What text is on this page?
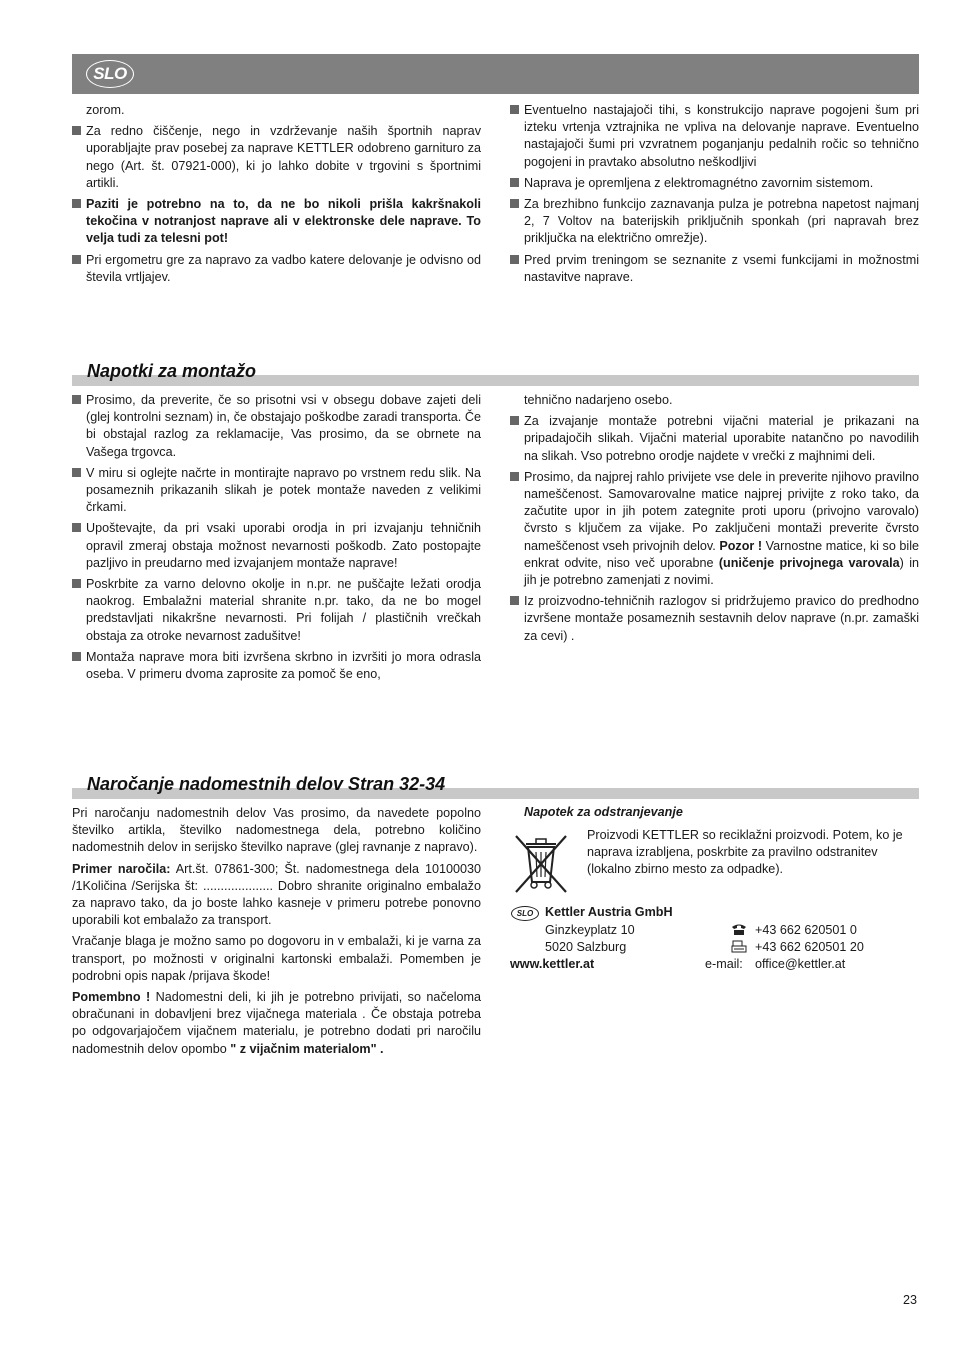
SLO

zorom.

Za redno čiščenje, nego in vzdrževanje naših športnih naprav uporabljajte prav posebej za naprave KETTLER odobreno garnituro za nego (Art. št. 07921-000), ki jo lahko dobite v trgovini s športnimi artikli.

Paziti je potrebno na to, da ne bo nikoli prišla kakršnakoli tekočina v notranjost naprave ali v elektronske dele naprave. To velja tudi za telesni pot!

Pri ergometru gre za napravo za vadbo katere delovanje je odvisno od števila vrtljajev.

Eventuelno nastajajoči tihi, s konstrukcijo naprave pogojeni šum pri izteku vrtenja vztrajnika ne vpliva na delovanje naprave. Eventuelno nastajajoči šumi pri vzvratnem poganjanju pedalnih ročic so tehnično pogojeni in pravtako absolutno neškodljivi

Naprava je opremljena z elektromagnétno zavornim sistemom.

Za brezhibno funkcijo zaznavanja pulza je potrebna napetost najmanj 2, 7 Voltov na baterijskih priključnih sponkah (pri napravah brez priključka na električno omrežje).

Pred prvim treningom se seznanite z vsemi funkcijami in možnostmi nastavitve naprave.

Napotki za montažo

Prosimo, da preverite, če so prisotni vsi v obsegu dobave zajeti deli (glej kontrolni seznam) in, če obstajajo poškodbe zaradi transporta. Če bi obstajal razlog za reklamacije, Vas prosimo, da se obrnete na Vašega trgovca.

V miru si oglejte načrte in montirajte napravo po vrstnem redu slik. Na posameznih prikazanih slikah je potek montaže naveden z velikimi črkami.

Upoštevajte, da pri vsaki uporabi orodja in pri izvajanju tehničnih opravil zmeraj obstaja možnost nevarnosti poškodb. Zato postopajte pazljivo in preudarno med izvajanjem montaže naprave!

Poskrbite za varno delovno okolje in n.pr. ne puščajte ležati orodja naokrog. Embalažni material shranite n.pr. tako, da ne bo mogel predstavljati nikakršne nevarnosti. Pri folijah / plastičnih vrečkah obstaja za otroke nevarnost zadušitve!

Montaža naprave mora biti izvršena skrbno in izvršiti jo mora odrasla oseba. V primeru dvoma zaprosite za pomoč še eno,

tehnično nadarjeno osebo.

Za izvajanje montaže potrebni vijačni material je prikazani na pripadajočih slikah. Vijačni material uporabite natančno po navodilih na slikah. Vso potrebno orodje najdete v vrečki z majhnimi deli.

Prosimo, da najprej rahlo privijete vse dele in preverite njihovo pravilno nameščenost. Samovarovalne matice najprej privijte z roko tako, da začutite upor in jih potem zategnite proti uporu (privojno varovalo) čvrsto s ključem za vijake. Po zaključeni montaži preverite čvrsto nameščenost vseh privojnih delov. Pozor ! Varnostne matice, ki so bile enkrat odvite, niso več uporabne (uničenje privojnega varovala) in jih je potrebno zamenjati z novimi.

Iz proizvodno-tehničnih razlogov si pridržujemo pravico do predhodno izvršene montaže posameznih sestavnih delov naprave (n.pr. zamaški za cevi) .

Naročanje nadomestnih delov Stran 32-34

Pri naročanju nadomestnih delov Vas prosimo, da navedete popolno številko artikla, številko nadomestnega dela, potrebno količino nadomestnih delov in serijsko številko naprave (glej ravnanje z napravo).

Primer naročila: Art.št. 07861-300; Št. nadomestnega dela 10100030 /1Količina /Serijska št: .................... Dobro shranite originalno embalažo za napravo tako, da jo boste lahko kasneje v primeru potrebe ponovno uporabili kot embalažo za transport.

Vračanje blaga je možno samo po dogovoru in v embalaži, ki je varna za transport, po možnosti v originalni kartonski embalaži. Pomemben je podrobni opis napak /prijava škode!

Pomembno ! Nadomestni deli, ki jih je potrebno privijati, so načeloma obračunani in dobavljeni brez vijačnega materiala . Če obstaja potreba po odgovarjajočem vijačnem materialu, je potrebno dodati pri naročilu nadomestnih delov opombo " z vijačnim materialom" .

Napotek za odstranjevanje
Proizvodi KETTLER so reciklažni proizvodi. Potem, ko je naprava izrabljena, poskrbite za pravilno odstranitev (lokalno zbirno mesto za odpadke).
SLO Kettler Austria GmbH
Ginzkeyplatz 10
5020 Salzburg
www.kettler.at
+43 662 620501 0
+43 662 620501 20
e-mail: office@kettler.at
23
